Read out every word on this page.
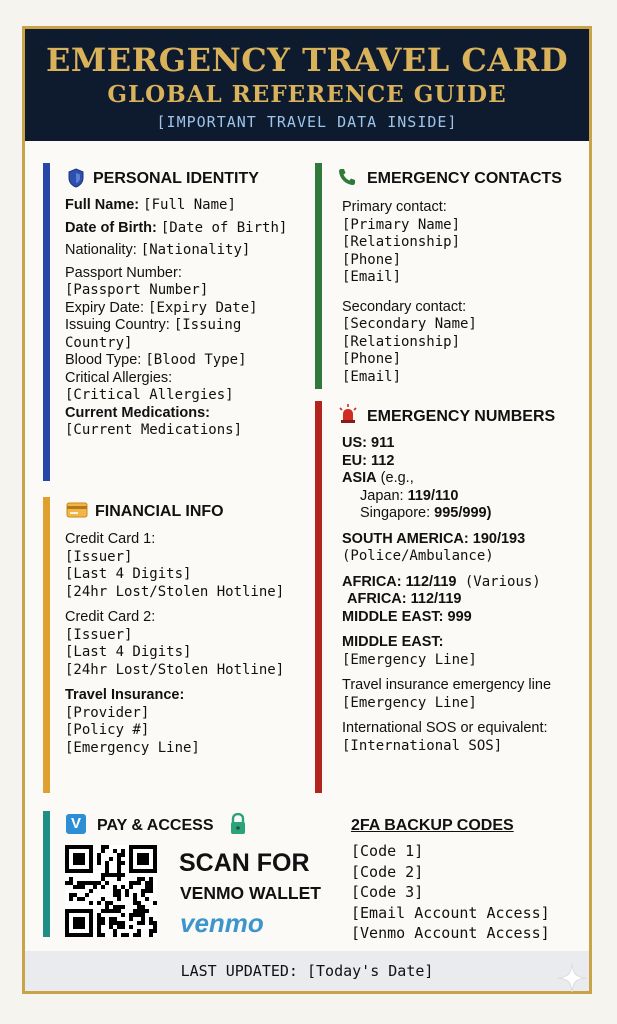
EMERGENCY TRAVEL CARD
GLOBAL REFERENCE GUIDE
[IMPORTANT TRAVEL DATA INSIDE]
PERSONAL IDENTITY
Full Name: [Full Name]
Date of Birth: [Date of Birth]
Nationality: [Nationality]
Passport Number:
[Passport Number]
Expiry Date: [Expiry Date]
Issuing Country: [Issuing
Country]
Blood Type: [Blood Type]
Critical Allergies:
[Critical Allergies]
Current Medications:
[Current Medications]
FINANCIAL INFO
Credit Card 1:
[Issuer]
[Last 4 Digits]
[24hr Lost/Stolen Hotline]
Credit Card 2:
[Issuer]
[Last 4 Digits]
[24hr Lost/Stolen Hotline]
Travel Insurance:
[Provider]
[Policy #]
[Emergency Line]
EMERGENCY CONTACTS
Primary contact:
[Primary Name]
[Relationship]
[Phone]
[Email]
Secondary contact:
[Secondary Name]
[Relationship]
[Phone]
[Email]
EMERGENCY NUMBERS
US: 911
EU: 112
ASIA (e.g.,
Japan: 119/110
Singapore: 995/999)
SOUTH AMERICA: 190/193
(Police/Ambulance)
AFRICA: 112/119 (Various)
AFRICA: 112/119
MIDDLE EAST: 999
MIDDLE EAST:
[Emergency Line]
Travel insurance emergency line
[Emergency Line]
International SOS or equivalent:
[International SOS]
V	PAY & ACCESS
SCAN FOR
VENMO WALLET
venmo
2FA BACKUP CODES
[Code 1]
[Code 2]
[Code 3]
[Email Account Access]
[Venmo Account Access]
LAST UPDATED: [Today's Date]
